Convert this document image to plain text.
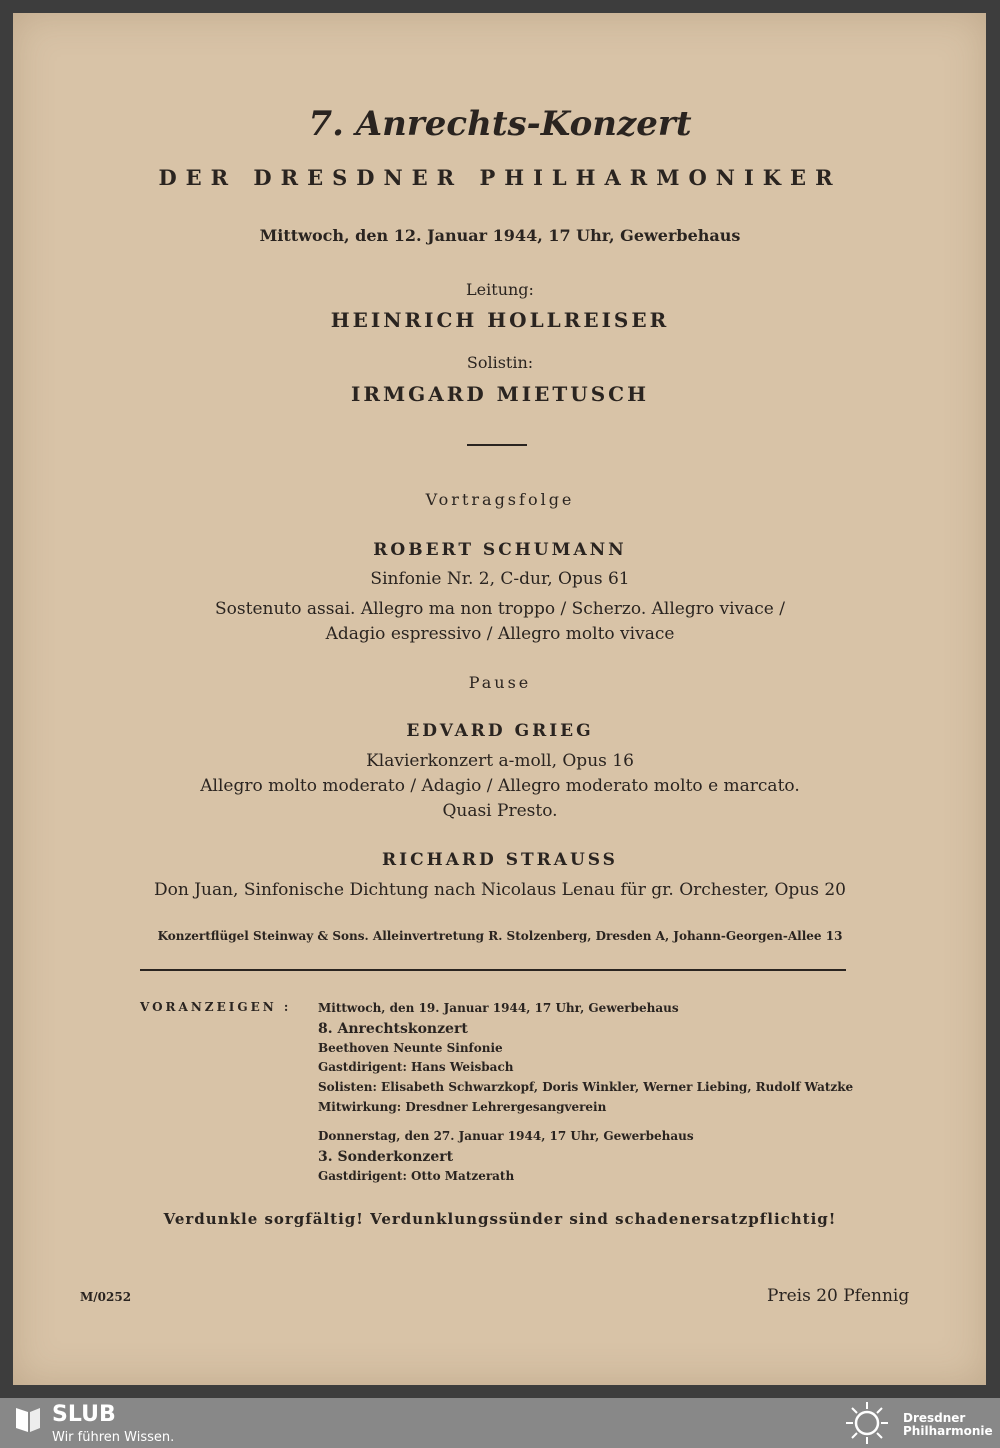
7. Anrechts-Konzert
DER DRESDNER PHILHARMONIKER
Mittwoch, den 12. Januar 1944, 17 Uhr, Gewerbehaus
Leitung:
HEINRICH HOLLREISER
Solistin:
IRMGARD MIETUSCH
Vortragsfolge
ROBERT SCHUMANN
Sinfonie Nr. 2, C-dur, Opus 61
Sostenuto assai. Allegro ma non troppo / Scherzo. Allegro vivace /
Adagio espressivo / Allegro molto vivace
Pause
EDVARD GRIEG
Klavierkonzert a-moll, Opus 16
Allegro molto moderato / Adagio / Allegro moderato molto e marcato.
Quasi Presto.
RICHARD STRAUSS
Don Juan, Sinfonische Dichtung nach Nicolaus Lenau für gr. Orchester, Opus 20
Konzertflügel Steinway & Sons. Alleinvertretung R. Stolzenberg, Dresden A, Johann-Georgen-Allee 13
VORANZEIGEN : Mittwoch, den 19. Januar 1944, 17 Uhr, Gewerbehaus
8. Anrechtskonzert
Beethoven Neunte Sinfonie
Gastdirigent: Hans Weisbach
Solisten: Elisabeth Schwarzkopf, Doris Winkler, Werner Liebing, Rudolf Watzke
Mitwirkung: Dresdner Lehrergesangverein
Donnerstag, den 27. Januar 1944, 17 Uhr, Gewerbehaus
3. Sonderkonzert
Gastdirigent: Otto Matzerath
Verdunkle sorgfältig! Verdunklungssünder sind schadenersatzpflichtig!
M/0252	Preis 20 Pfennig
SLUB
Wir führen Wissen.
Dresdner
Philharmonie
